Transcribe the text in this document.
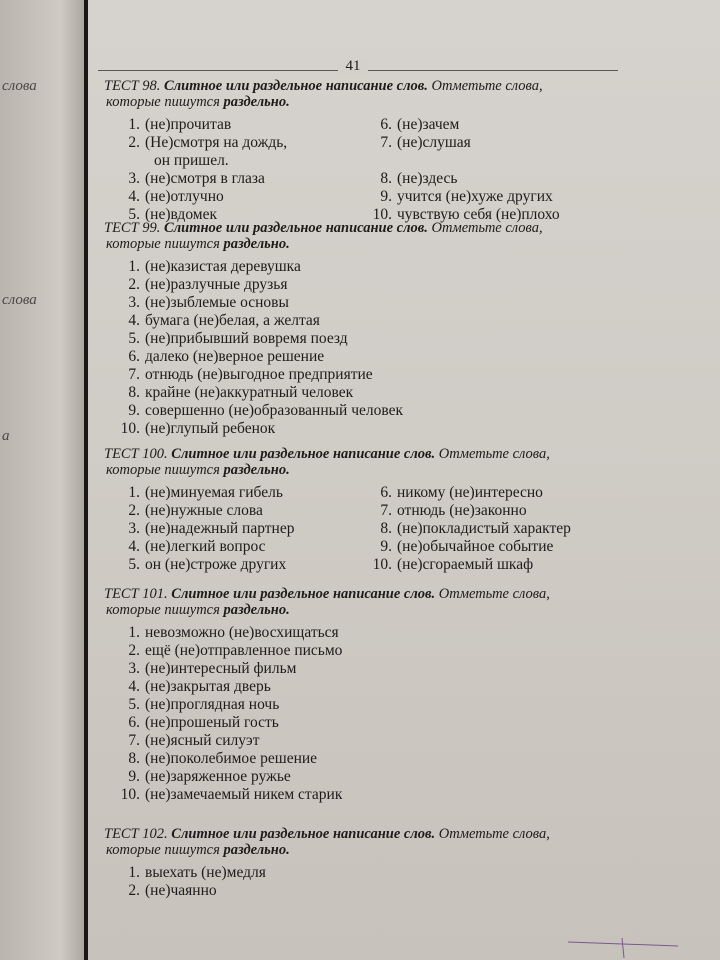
слова
слова
а
41
ТЕСТ 98. Слитное или раздельное написание слов. Отметьте слова,
которые пишутся раздельно.
1. (не)прочитав
2. (Не)смотря на дождь,
он пришел.
3. (не)смотря в глаза
4. (не)отлучно
5. (не)вдомек
6. (не)зачем
7. (не)слушая
8. (не)здесь
9. учится (не)хуже других
10. чувствую себя (не)плохо
ТЕСТ 99. Слитное или раздельное написание слов. Отметьте слова,
которые пишутся раздельно.
1. (не)казистая деревушка
2. (не)разлучные друзья
3. (не)зыблемые основы
4. бумага (не)белая, а желтая
5. (не)прибывший вовремя поезд
6. далеко (не)верное решение
7. отнюдь (не)выгодное предприятие
8. крайне (не)аккуратный человек
9. совершенно (не)образованный человек
10. (не)глупый ребенок
ТЕСТ 100. Слитное или раздельное написание слов. Отметьте слова,
которые пишутся раздельно.
1. (не)минуемая гибель
2. (не)нужные слова
3. (не)надежный партнер
4. (не)легкий вопрос
5. он (не)строже других
6. никому (не)интересно
7. отнюдь (не)законно
8. (не)покладистый характер
9. (не)обычайное событие
10. (не)сгораемый шкаф
ТЕСТ 101. Слитное или раздельное написание слов. Отметьте слова,
которые пишутся раздельно.
1. невозможно (не)восхищаться
2. ещё (не)отправленное письмо
3. (не)интересный фильм
4. (не)закрытая дверь
5. (не)проглядная ночь
6. (не)прошеный гость
7. (не)ясный силуэт
8. (не)поколебимое решение
9. (не)заряженное ружье
10. (не)замечаемый никем старик
ТЕСТ 102. Слитное или раздельное написание слов. Отметьте слова,
которые пишутся раздельно.
1. выехать (не)медля
2. (не)чаянно
